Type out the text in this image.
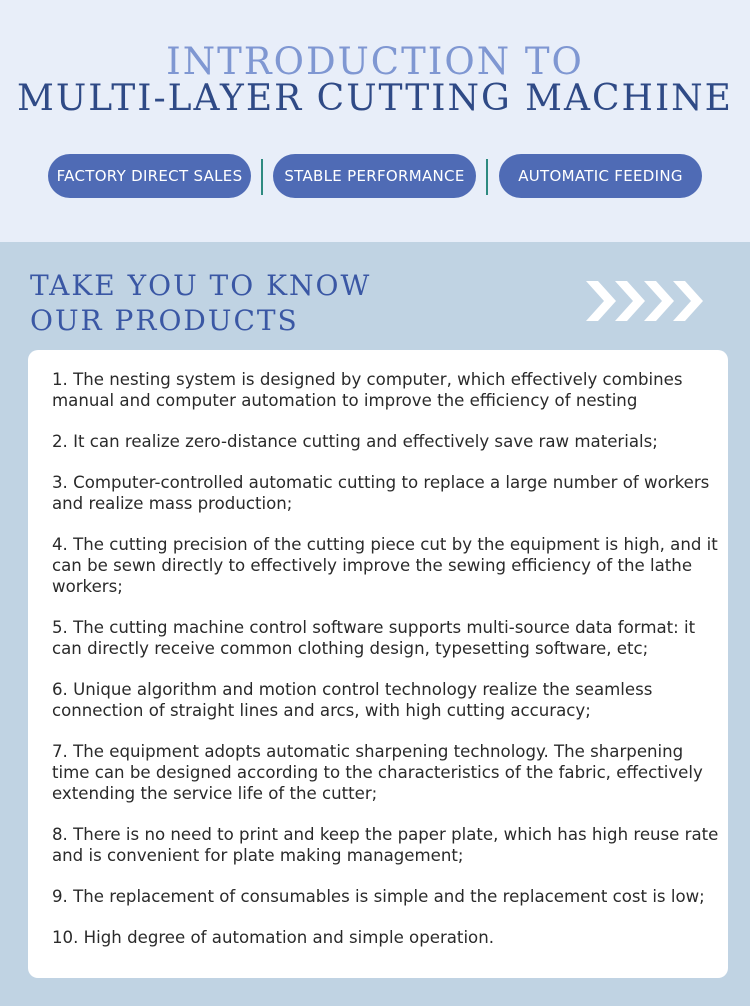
INTRODUCTION TO
MULTI-LAYER CUTTING MACHINE
FACTORY DIRECT SALES	STABLE PERFORMANCE	AUTOMATIC FEEDING
TAKE YOU TO KNOW
OUR PRODUCTS
1. The nesting system is designed by computer, which effectively combines manual and computer automation to improve the efficiency of nesting
2. It can realize zero-distance cutting and effectively save raw materials;
3. Computer-controlled automatic cutting to replace a large number of workers and realize mass production;
4. The cutting precision of the cutting piece cut by the equipment is high, and it can be sewn directly to effectively improve the sewing efficiency of the lathe workers;
5. The cutting machine control software supports multi-source data format: it can directly receive common clothing design, typesetting software, etc;
6. Unique algorithm and motion control technology realize the seamless connection of straight lines and arcs, with high cutting accuracy;
7. The equipment adopts automatic sharpening technology. The sharpening time can be designed according to the characteristics of the fabric, effectively extending the service life of the cutter;
8. There is no need to print and keep the paper plate, which has high reuse rate and is convenient for plate making management;
9. The replacement of consumables is simple and the replacement cost is low;
10. High degree of automation and simple operation.
